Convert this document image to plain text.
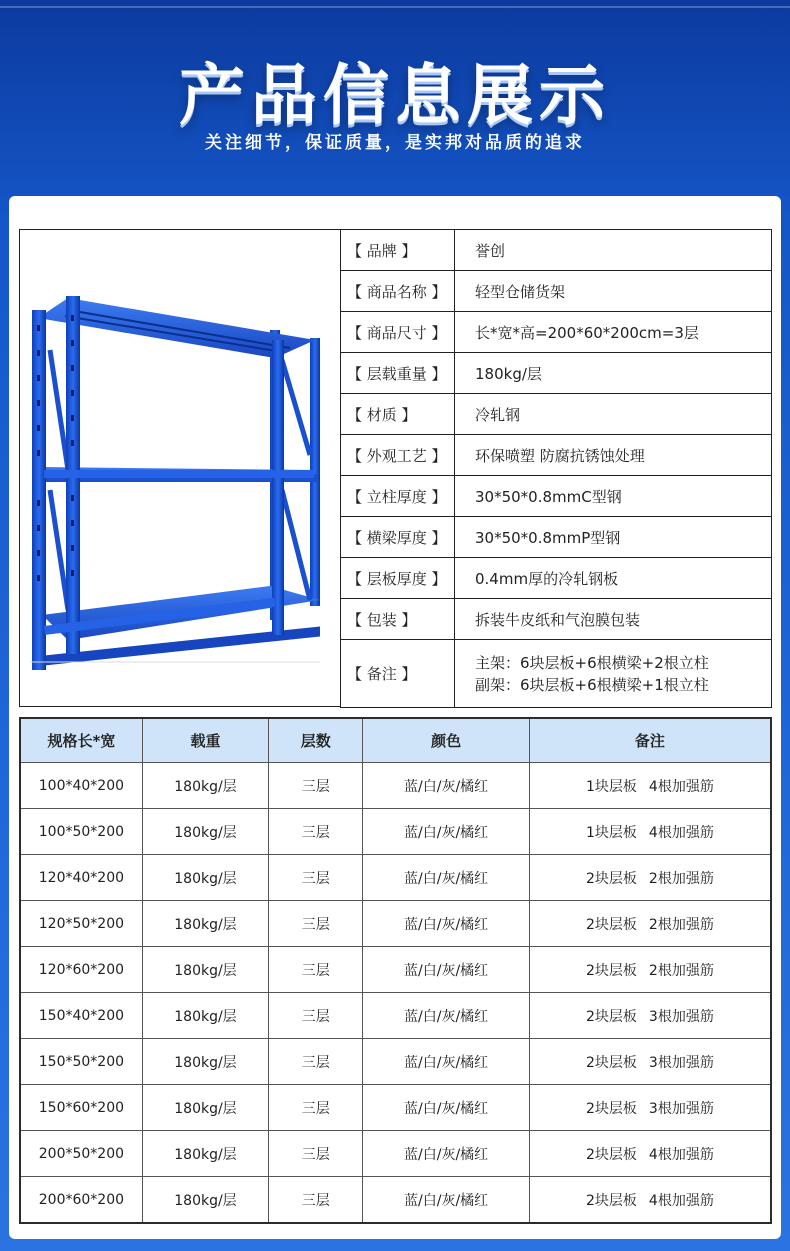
产品信息展示
关注细节，保证质量，是实邦对品质的追求
【 品牌 】	誉创
【 商品名称 】	轻型仓储货架
【 商品尺寸 】	长*宽*高=200*60*200cm=3层
【 层载重量 】	180kg/层
【 材质 】	冷轧钢
【 外观工艺 】	环保喷塑 防腐抗锈蚀处理
【 立柱厚度 】	30*50*0.8mmC型钢
【 横梁厚度 】	30*50*0.8mmP型钢
【 层板厚度 】	0.4mm厚的冷轧钢板
【 包装 】	拆装牛皮纸和气泡膜包装
【 备注 】	主架：6块层板+6根横梁+2根立柱
副架：6块层板+6根横梁+1根立柱
规格长*宽	载重	层数	颜色	备注
100*40*200	180kg/层	三层	蓝/白/灰/橘红	1块层板 4根加强筋
100*50*200	180kg/层	三层	蓝/白/灰/橘红	1块层板 4根加强筋
120*40*200	180kg/层	三层	蓝/白/灰/橘红	2块层板 2根加强筋
120*50*200	180kg/层	三层	蓝/白/灰/橘红	2块层板 2根加强筋
120*60*200	180kg/层	三层	蓝/白/灰/橘红	2块层板 2根加强筋
150*40*200	180kg/层	三层	蓝/白/灰/橘红	2块层板 3根加强筋
150*50*200	180kg/层	三层	蓝/白/灰/橘红	2块层板 3根加强筋
150*60*200	180kg/层	三层	蓝/白/灰/橘红	2块层板 3根加强筋
200*50*200	180kg/层	三层	蓝/白/灰/橘红	2块层板 4根加强筋
200*60*200	180kg/层	三层	蓝/白/灰/橘红	2块层板 4根加强筋
